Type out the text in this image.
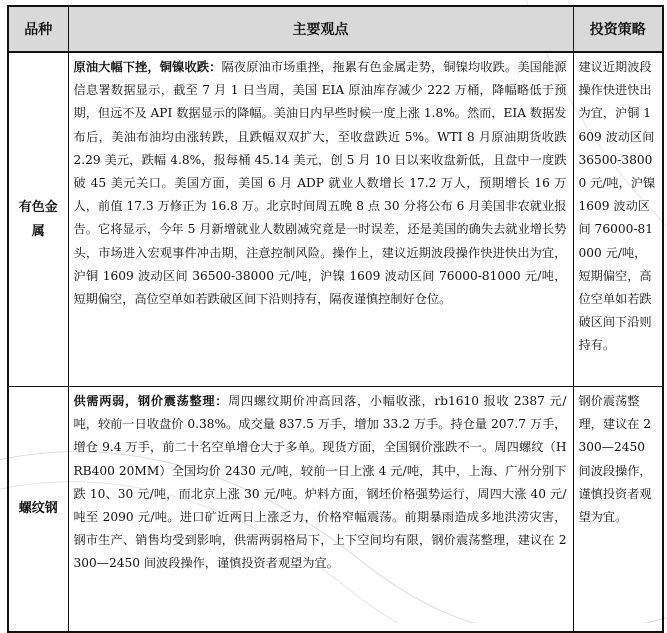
品种	主要观点	投资策略
有色金属	原油大幅下挫，铜镍收跌：隔夜原油市场重挫，拖累有色金属走势，铜镍均收跌。美国能源信息署数据显示，截至 7 月 1 日当周，美国 EIA 原油库存减少 222 万桶，降幅略低于预期，但远不及 API 数据显示的降幅。美油日内早些时候一度上涨 1.8%。然而，EIA 数据发布后，美油布油均由涨转跌，且跌幅双双扩大，至收盘跌近 5%。WTI 8 月原油期货收跌 2.29 美元，跌幅 4.8%，报每桶 45.14 美元，创 5 月 10 日以来收盘新低，且盘中一度跌破 45 美元关口。美国方面，美国 6 月 ADP 就业人数增长 17.2 万人，预期增长 16 万人，前值 17.3 万修正为 16.8 万。北京时间周五晚 8 点 30 分将公布 6 月美国非农就业报告。它将显示，今年 5 月新增就业人数剧减究竟是一时误差，还是美国的确失去就业增长势头，市场进入宏观事件冲击期，注意控制风险。操作上，建议近期波段操作快进快出为宜，沪铜 1609 波动区间 36500-38000 元/吨，沪镍 1609 波动区间 76000-81000 元/吨，短期偏空，高位空单如若跌破区间下沿则持有，隔夜谨慎控制好仓位。	建议近期波段操作快进快出为宜，沪铜 1609 波动区间 36500-38000 元/吨，沪镍 1609 波动区间 76000-81000 元/吨，短期偏空，高位空单如若跌破区间下沿则持有。
螺纹钢	供需两弱，钢价震荡整理：周四螺纹期价冲高回落，小幅收涨，rb1610 报收 2387 元/吨，较前一日收盘价 0.38%。成交量 837.5 万手，增加 33.2 万手。持仓量 207.7 万手，增仓 9.4 万手，前二十名空单增仓大于多单。现货方面，全国钢价涨跌不一。周四螺纹（HRB400 20MM）全国均价 2430 元/吨，较前一日上涨 4 元/吨，其中，上海、广州分别下跌 10、30 元/吨，而北京上涨 30 元/吨。炉料方面，钢坯价格强势运行，周四大涨 40 元/吨至 2090 元/吨。进口矿近两日上涨乏力，价格窄幅震荡。前期暴雨造成多地洪涝灾害，钢市生产、销售均受到影响，供需两弱格局下，上下空间均有限，钢价震荡整理，建议在 2300—2450 间波段操作，谨慎投资者观望为宜。	钢价震荡整理，建议在 2300—2450 间波段操作，谨慎投资者观望为宜。
